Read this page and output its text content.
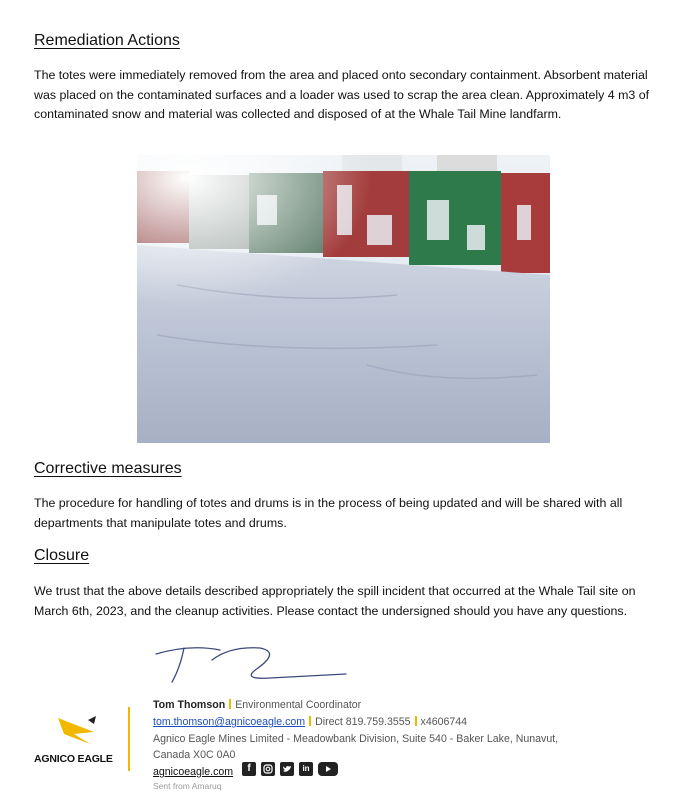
Remediation Actions

The totes were immediately removed from the area and placed onto secondary containment. Absorbent material was placed on the contaminated surfaces and a loader was used to scrap the area clean. Approximately 4 m3 of contaminated snow and material was collected and disposed of at the Whale Tail Mine landfarm.

Corrective measures

The procedure for handling of totes and drums is in the process of being updated and will be shared with all departments that manipulate totes and drums.

Closure

We trust that the above details described appropriately the spill incident that occurred at the Whale Tail site on March 6th, 2023, and the cleanup activities. Please contact the undersigned should you have any questions.

AGNICO EAGLE
Tom Thomson Environmental Coordinator
tom.thomson@agnicoeagle.com Direct 819.759.3555 x4606744
Agnico Eagle Mines Limited - Meadowbank Division, Suite 540 - Baker Lake, Nunavut,
Canada X0C 0A0
agnicoeagle.com	f	in
Sent from Amaruq
